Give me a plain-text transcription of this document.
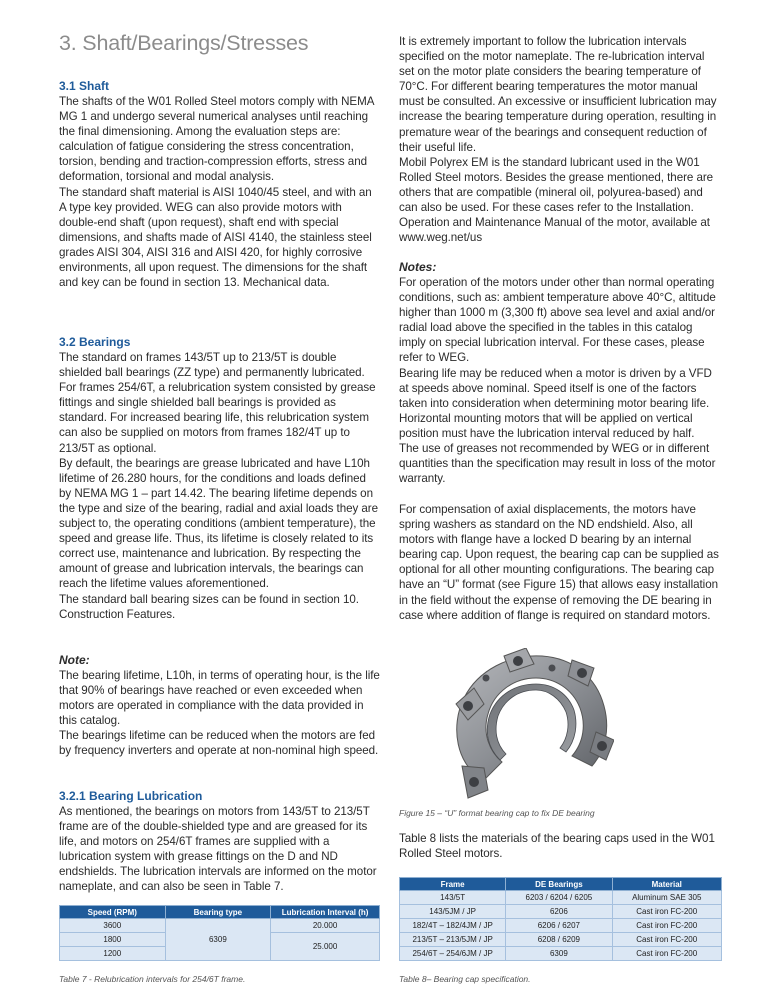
3. Shaft/Bearings/Stresses

3.1 Shaft

The shafts of the W01 Rolled Steel motors comply with NEMA MG 1 and undergo several numerical analyses until reaching the final dimensioning. Among the evaluation steps are: calculation of fatigue considering the stress concentration, torsion, bending and traction-compression efforts, stress and deformation, torsional and modal analysis.

The standard shaft material is AISI 1040/45 steel, and with an A type key provided. WEG can also provide motors with double-end shaft (upon request), shaft end with special dimensions, and shafts made of AISI 4140, the stainless steel grades AISI 304, AISI 316 and AISI 420, for highly corrosive environments, all upon request. The dimensions for the shaft and key can be found in section 13. Mechanical data.

3.2 Bearings

The standard on frames 143/5T up to 213/5T is double shielded ball bearings (ZZ type) and permanently lubricated. For frames 254/6T, a relubrication system consisted by grease fittings and single shielded ball bearings is provided as standard. For increased bearing life, this relubrication system can also be supplied on motors from frames 182/4T up to 213/5T as optional.

By default, the bearings are grease lubricated and have L10h lifetime of 26.280 hours, for the conditions and loads defined by NEMA MG 1 – part 14.42. The bearing lifetime depends on the type and size of the bearing, radial and axial loads they are subject to, the operating conditions (ambient temperature), the speed and grease life. Thus, its lifetime is closely related to its correct use, maintenance and lubrication. By respecting the amount of grease and lubrication intervals, the bearings can reach the lifetime values aforementioned.

The standard ball bearing sizes can be found in section 10. Construction Features.

Note:

The bearing lifetime, L10h, in terms of operating hour, is the life that 90% of bearings have reached or even exceeded when motors are operated in compliance with the data provided in this catalog.

The bearings lifetime can be reduced when the motors are fed by frequency inverters and operate at non-nominal high speed.

3.2.1 Bearing Lubrication

As mentioned, the bearings on motors from 143/5T to 213/5T frame are of the double-shielded type and are greased for its life, and motors on 254/6T frames are supplied with a lubrication system with grease fittings on the D and ND endshields. The lubrication intervals are informed on the motor nameplate, and can also be seen in Table 7.

Speed (RPM)	Bearing type	Lubrication Interval (h)
3600	6309	20.000
1800		25.000
1200		

Table 7 - Relubrication intervals for 254/6T frame.

It is extremely important to follow the lubrication intervals specified on the motor nameplate. The re-lubrication interval set on the motor plate considers the bearing temperature of 70°C. For different bearing temperatures the motor manual must be consulted. An excessive or insufficient lubrication may increase the bearing temperature during operation, resulting in premature wear of the bearings and consequent reduction of their useful life.

Mobil Polyrex EM is the standard lubricant used in the W01 Rolled Steel motors. Besides the grease mentioned, there are others that are compatible (mineral oil, polyurea-based) and can also be used. For these cases refer to the Installation. Operation and Maintenance Manual of the motor, available at www.weg.net/us

Notes:

For operation of the motors under other than normal operating conditions, such as: ambient temperature above 40°C, altitude higher than 1000 m (3,300 ft) above sea level and axial and/or radial load above the specified in the tables in this catalog imply on special lubrication interval. For these cases, please refer to WEG.

Bearing life may be reduced when a motor is driven by a VFD at speeds above nominal. Speed itself is one of the factors taken into consideration when determining motor bearing life.

Horizontal mounting motors that will be applied on vertical position must have the lubrication interval reduced by half.

The use of greases not recommended by WEG or in different quantities than the specification may result in loss of the motor warranty.

For compensation of axial displacements, the motors have spring washers as standard on the ND endshield. Also, all motors with flange have a locked D bearing by an internal bearing cap. Upon request, the bearing cap can be supplied as optional for all other mounting configurations. The bearing cap have an “U” format (see Figure 15) that allows easy installation in the field without the expense of removing the DE bearing in case where addition of flange is required on standard motors.

Figure 15 – “U” format bearing cap to fix DE bearing

Table 8 lists the materials of the bearing caps used in the W01 Rolled Steel motors.

Frame	DE Bearings	Material
143/5T	6203 / 6204 / 6205	Aluminum SAE 305
143/5JM / JP	6206	Cast iron FC-200
182/4T – 182/4JM / JP	6206 / 6207	Cast iron FC-200
213/5T – 213/5JM / JP	6208 / 6209	Cast iron FC-200
254/6T – 254/6JM / JP	6309	Cast iron FC-200

Table 8– Bearing cap specification.
